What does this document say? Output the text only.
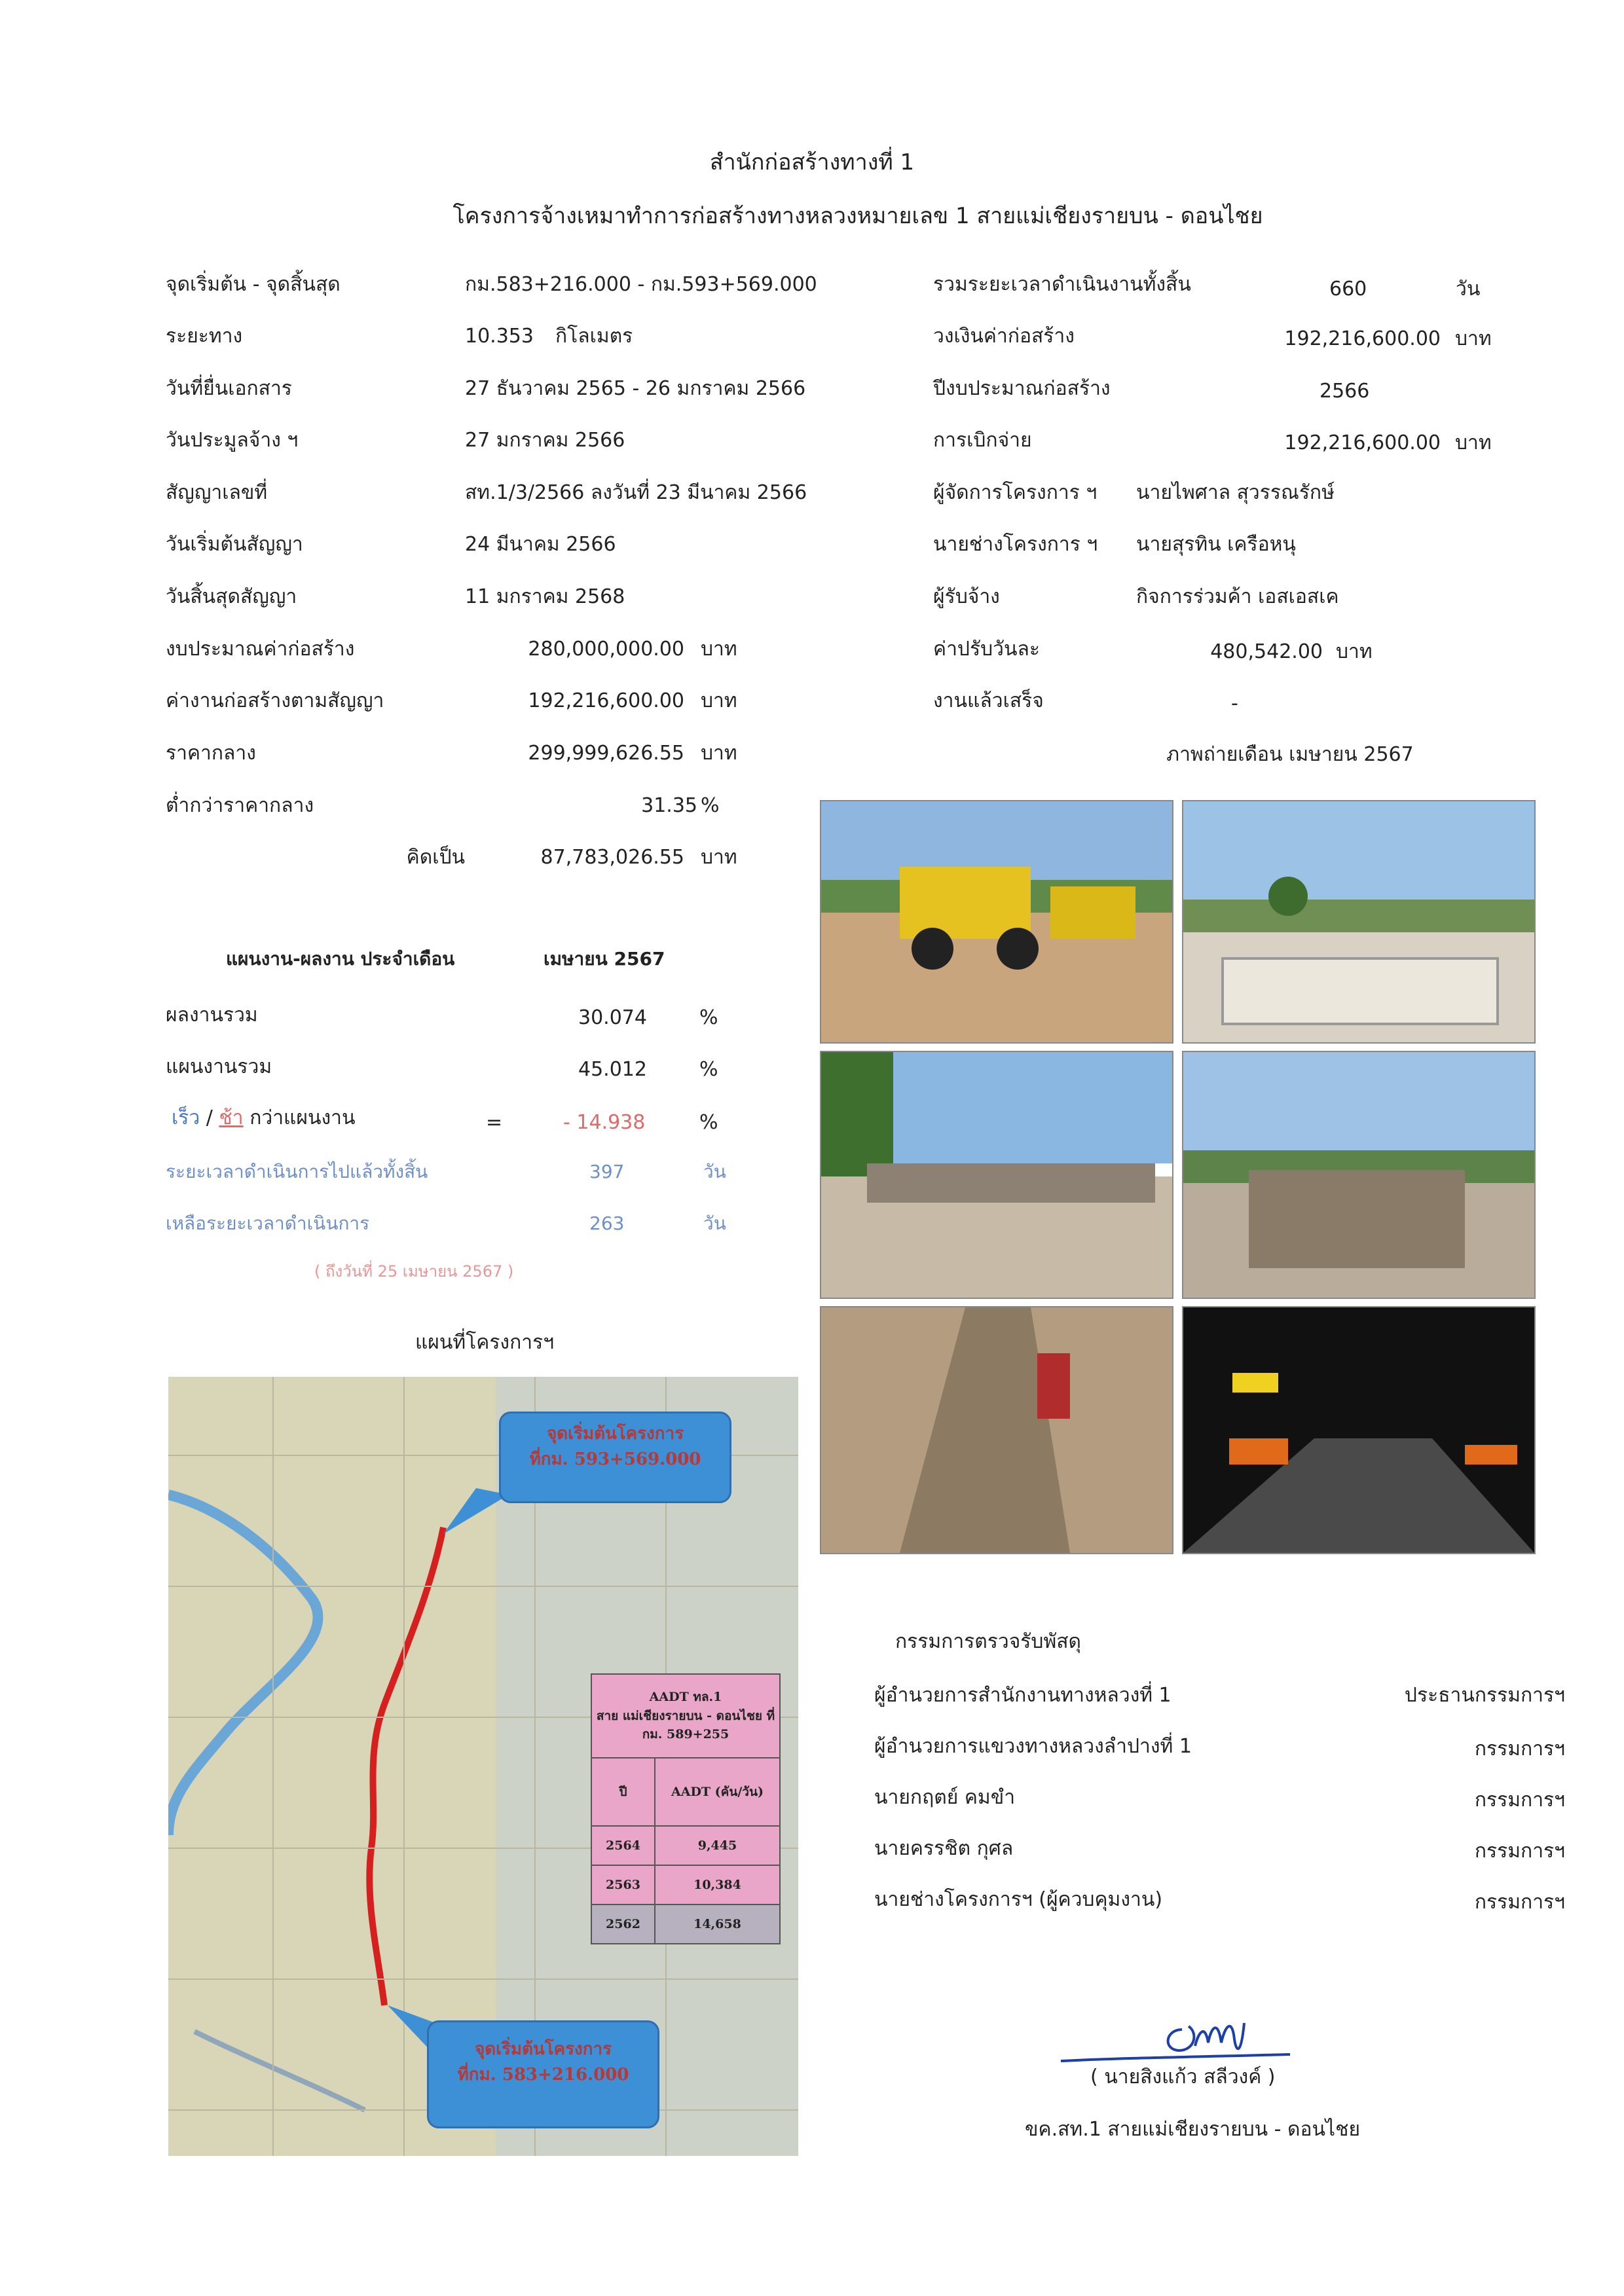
สำนักก่อสร้างทางที่ 1
โครงการจ้างเหมาทำการก่อสร้างทางหลวงหมายเลข 1 สายแม่เชียงรายบน - ดอนไชย
จุดเริ่มต้น - จุดสิ้นสุด	กม.583+216.000 - กม.593+569.000
ระยะทาง	10.353 กิโลเมตร
วันที่ยื่นเอกสาร	27 ธันวาคม 2565 - 26 มกราคม 2566
วันประมูลจ้าง ฯ	27 มกราคม 2566
สัญญาเลขที่	สท.1/3/2566 ลงวันที่ 23 มีนาคม 2566
วันเริ่มต้นสัญญา	24 มีนาคม 2566
วันสิ้นสุดสัญญา	11 มกราคม 2568
งบประมาณค่าก่อสร้าง	280,000,000.00 บาท
ค่างานก่อสร้างตามสัญญา	192,216,600.00 บาท
ราคากลาง	299,999,626.55 บาท
ต่ำกว่าราคากลาง	31.35 %
คิดเป็น	87,783,026.55 บาท
รวมระยะเวลาดำเนินงานทั้งสิ้น	660	วัน
วงเงินค่าก่อสร้าง	192,216,600.00 บาท
ปีงบประมาณก่อสร้าง	2566
การเบิกจ่าย	192,216,600.00 บาท
ผู้จัดการโครงการ ฯ นายไพศาล สุวรรณรักษ์
นายช่างโครงการ ฯ นายสุรทิน เครือหนุ
ผู้รับจ้าง	กิจการร่วมค้า เอสเอสเค
ค่าปรับวันละ	480,542.00 บาท
งานแล้วเสร็จ	-
ภาพถ่ายเดือน เมษายน 2567
แผนงาน-ผลงาน ประจำเดือน	เมษายน 2567
ผลงานรวม	30.074	%
แผนงานรวม	45.012	%
เร็ว / ช้า กว่าแผนงาน	=	- 14.938	%
ระยะเวลาดำเนินการไปแล้วทั้งสิ้น	397	วัน
เหลือระยะเวลาดำเนินการ	263	วัน
( ถึงวันที่ 25 เมษายน 2567 )
แผนที่โครงการฯ
จุดเริ่มต้นโครงการ
ที่กม. 593+569.000
จุดเริ่มต้นโครงการ
ที่กม. 583+216.000
AADT ทล.1
สาย แม่เชียงรายบน - ดอนไชย ที่กม. 589+255	

ปี	AADT (คัน/วัน)
2564	9,445
2563	10,384
2562	14,658
กรรมการตรวจรับพัสดุ
ผู้อำนวยการสำนักงานทางหลวงที่ 1	ประธานกรรมการฯ
ผู้อำนวยการแขวงทางหลวงลำปางที่ 1	กรรมการฯ
นายกฤตย์ คมขำ	กรรมการฯ
นายครรชิต กุศล	กรรมการฯ
นายช่างโครงการฯ (ผู้ควบคุมงาน)	กรรมการฯ
( นายสิงแก้ว สลีวงค์ )
ขค.สท.1 สายแม่เชียงรายบน - ดอนไชย
